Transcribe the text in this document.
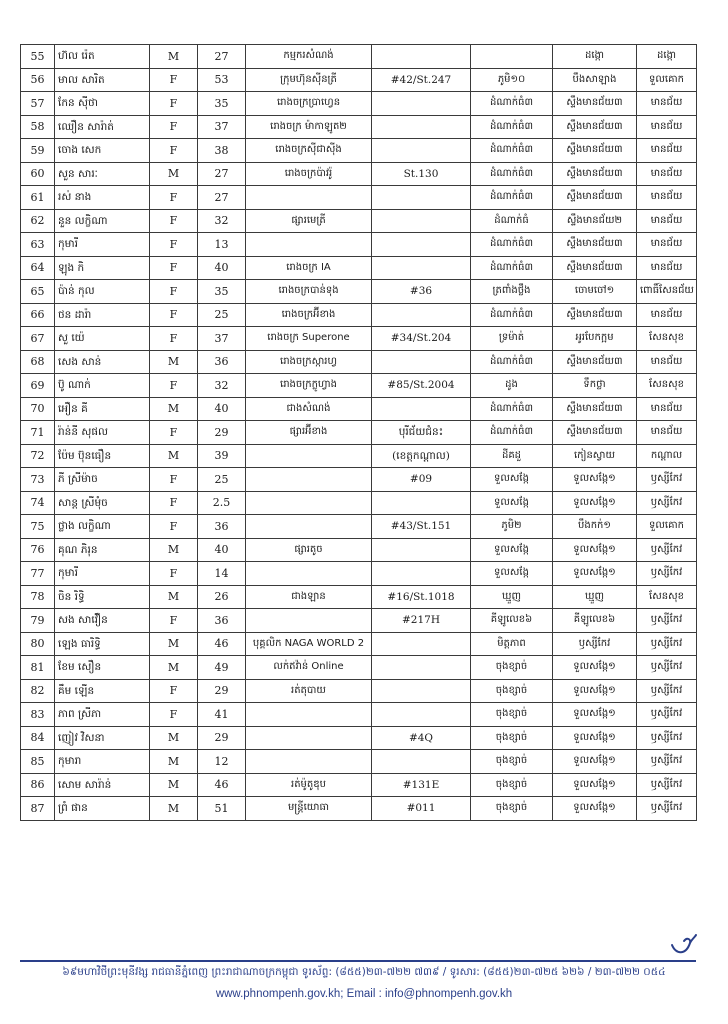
55	ហ៊ល រ៉េត	M	27	កម្មករសំណង់			ដង្កោ	ដង្កោ
56	មាល សារិត	F	53	ក្រុមហ៊ុនស៊ីនត្រី	#42/St.247	ភូមិ១០	បឹងសាឡាង	ទួលគោក
57	កែន ស៊ីថា	F	35	រោងចក្រប្រាហ្វេន		ដំណាក់ធំ៣	ស្ទឹងមានជ័យ៣	មានជ័យ
58	ឈឿន សារ៉ាត់	F	37	រោងចក្រ ម៉ាកាឡូត២		ដំណាក់ធំ៣	ស្ទឹងមានជ័យ៣	មានជ័យ
59	ចោង សេក	F	38	រោងចក្រស៊ីជាស៊ីង		ដំណាក់ធំ៣	ស្ទឹងមានជ័យ៣	មានជ័យ
60	សួន សារៈ	M	27	រោងចក្រប៉ាវរ៉ូ	St.130	ដំណាក់ធំ៣	ស្ទឹងមានជ័យ៣	មានជ័យ
61	រស់ នាង	F	27			ដំណាក់ធំ៣	ស្ទឹងមានជ័យ៣	មានជ័យ
62	នួន លក្ខិណា	F	32	ផ្សារមេត្រី		ដំណាក់ធំ	ស្ទឹងមានជ័យ២	មានជ័យ
63	កុមារី	F	13			ដំណាក់ធំ៣	ស្ទឹងមានជ័យ៣	មានជ័យ
64	ឡុង កិ	F	40	រោងចក្រ IA		ដំណាក់ធំ៣	ស្ទឹងមានជ័យ៣	មានជ័យ
65	ប៉ាន់ កុល	F	35	រោងចក្របាន់ទុង	#36	ត្រពាំងថ្លឹង	ចោមចៅ១	ពោធិ៍សែនជ័យ
66	ថន ដារ៉ា	F	25	រោងចក្រអ៊ីខាង		ដំណាក់ធំ៣	ស្ទឹងមានជ័យ៣	មានជ័យ
67	សួ យ៉េ	F	37	រោងចក្រ Superone	#34/St.204	ទ្រម៉ាត់	អូរបែកក្អម	សែនសុខ
68	សេង សាន់	M	36	រោងចក្រស្ការហ្វ		ដំណាក់ធំ៣	ស្ទឹងមានជ័យ៣	មានជ័យ
69	ប៊ូ ណាក់	F	32	រោងចក្រក្លូហ្វាង	#85/St.2004	ដូង	ទឹកថ្លា	សែនសុខ
70	អឿន គី	M	40	ជាងសំណង់		ដំណាក់ធំ៣	ស្ទឹងមានជ័យ៣	មានជ័យ
71	រ៉ាន់នី សុផល	F	29	ផ្សារអ៊ីខាង	បុរីជ័យជំនះ	ដំណាក់ធំ៣	ស្ទឹងមានជ័យ៣	មានជ័យ
72	ប៉ែម ប៊ុនធឿន	M	39		(ខេត្តកណ្តាល)	ដីគដួ	កៀនស្វាយ	កណ្តាល
73	ភី ស្រីម៉ាច	F	25		#09	ទួលសង្កែ	ទួលសង្កែ១	ឫស្សីកែវ
74	សាន្ត ស្រីមុំច	F	2.5			ទួលសង្កែ	ទួលសង្កែ១	ឫស្សីកែវ
75	ថ្លាង លក្ខិណា	F	36		#43/St.151	ភូមិ២	បឹងកក់១	ទួលគោក
76	គុណ ភិរុន	M	40	ផ្សារតូច		ទួលសង្កែ	ទួលសង្កែ១	ឫស្សីកែវ
77	កុមារី	F	14			ទួលសង្កែ	ទួលសង្កែ១	ឫស្សីកែវ
78	ចិន រិទ្ធិ	M	26	ជាងឡាន	#16/St.1018	ឃ្មួញ	ឃ្មួញ	សែនសុខ
79	សង សាវ៉ឿន	F	36		#217H	គីឡូលេខ៦	គីឡូលេខ៦	ឫស្សីកែវ
80	ឡេង ធារិទ្ធិ	M	46	បុគ្គលិក NAGA WORLD 2		មិត្តភាព	ឫស្សីកែវ	ឫស្សីកែវ
81	ខែម សឿន	M	49	លក់ឥវ៉ាន់ Online		ចុងខ្សាច់	ទួលសង្កែ១	ឫស្សីកែវ
82	គឹម ឡើន	F	29	រត់តុបាយ		ចុងខ្សាច់	ទួលសង្កែ១	ឫស្សីកែវ
83	ភាព ស្រីភា	F	41			ចុងខ្សាច់	ទួលសង្កែ១	ឫស្សីកែវ
84	ញៀវ វិសនា	M	29		#4Q	ចុងខ្សាច់	ទួលសង្កែ១	ឫស្សីកែវ
85	កុមារា	M	12			ចុងខ្សាច់	ទួលសង្កែ១	ឫស្សីកែវ
86	សោម សារ៉ាន់	M	46	រត់ម៉ូតូឌុប	#131E	ចុងខ្សាច់	ទួលសង្កែ១	ឫស្សីកែវ
87	ព្រំ ផាន	M	51	មន្ត្រីយោធា	#011	ចុងខ្សាច់	ទួលសង្កែ១	ឫស្សីកែវ
៦៩មហាវិថីព្រះមុនីវង្ស រាជធានីភ្នំពេញ ព្រះរាជាណាចក្រកម្ពុជា ទូរស័ព្ទ: (៨៥៥)២៣-៧២២ ៧៣៩ / ទូរសារ: (៨៥៥)២៣-៧២៥ ៦២៦ / ២៣-៧២២ ០៥៤
www.phnompenh.gov.kh; Email : info@phnompenh.gov.kh
